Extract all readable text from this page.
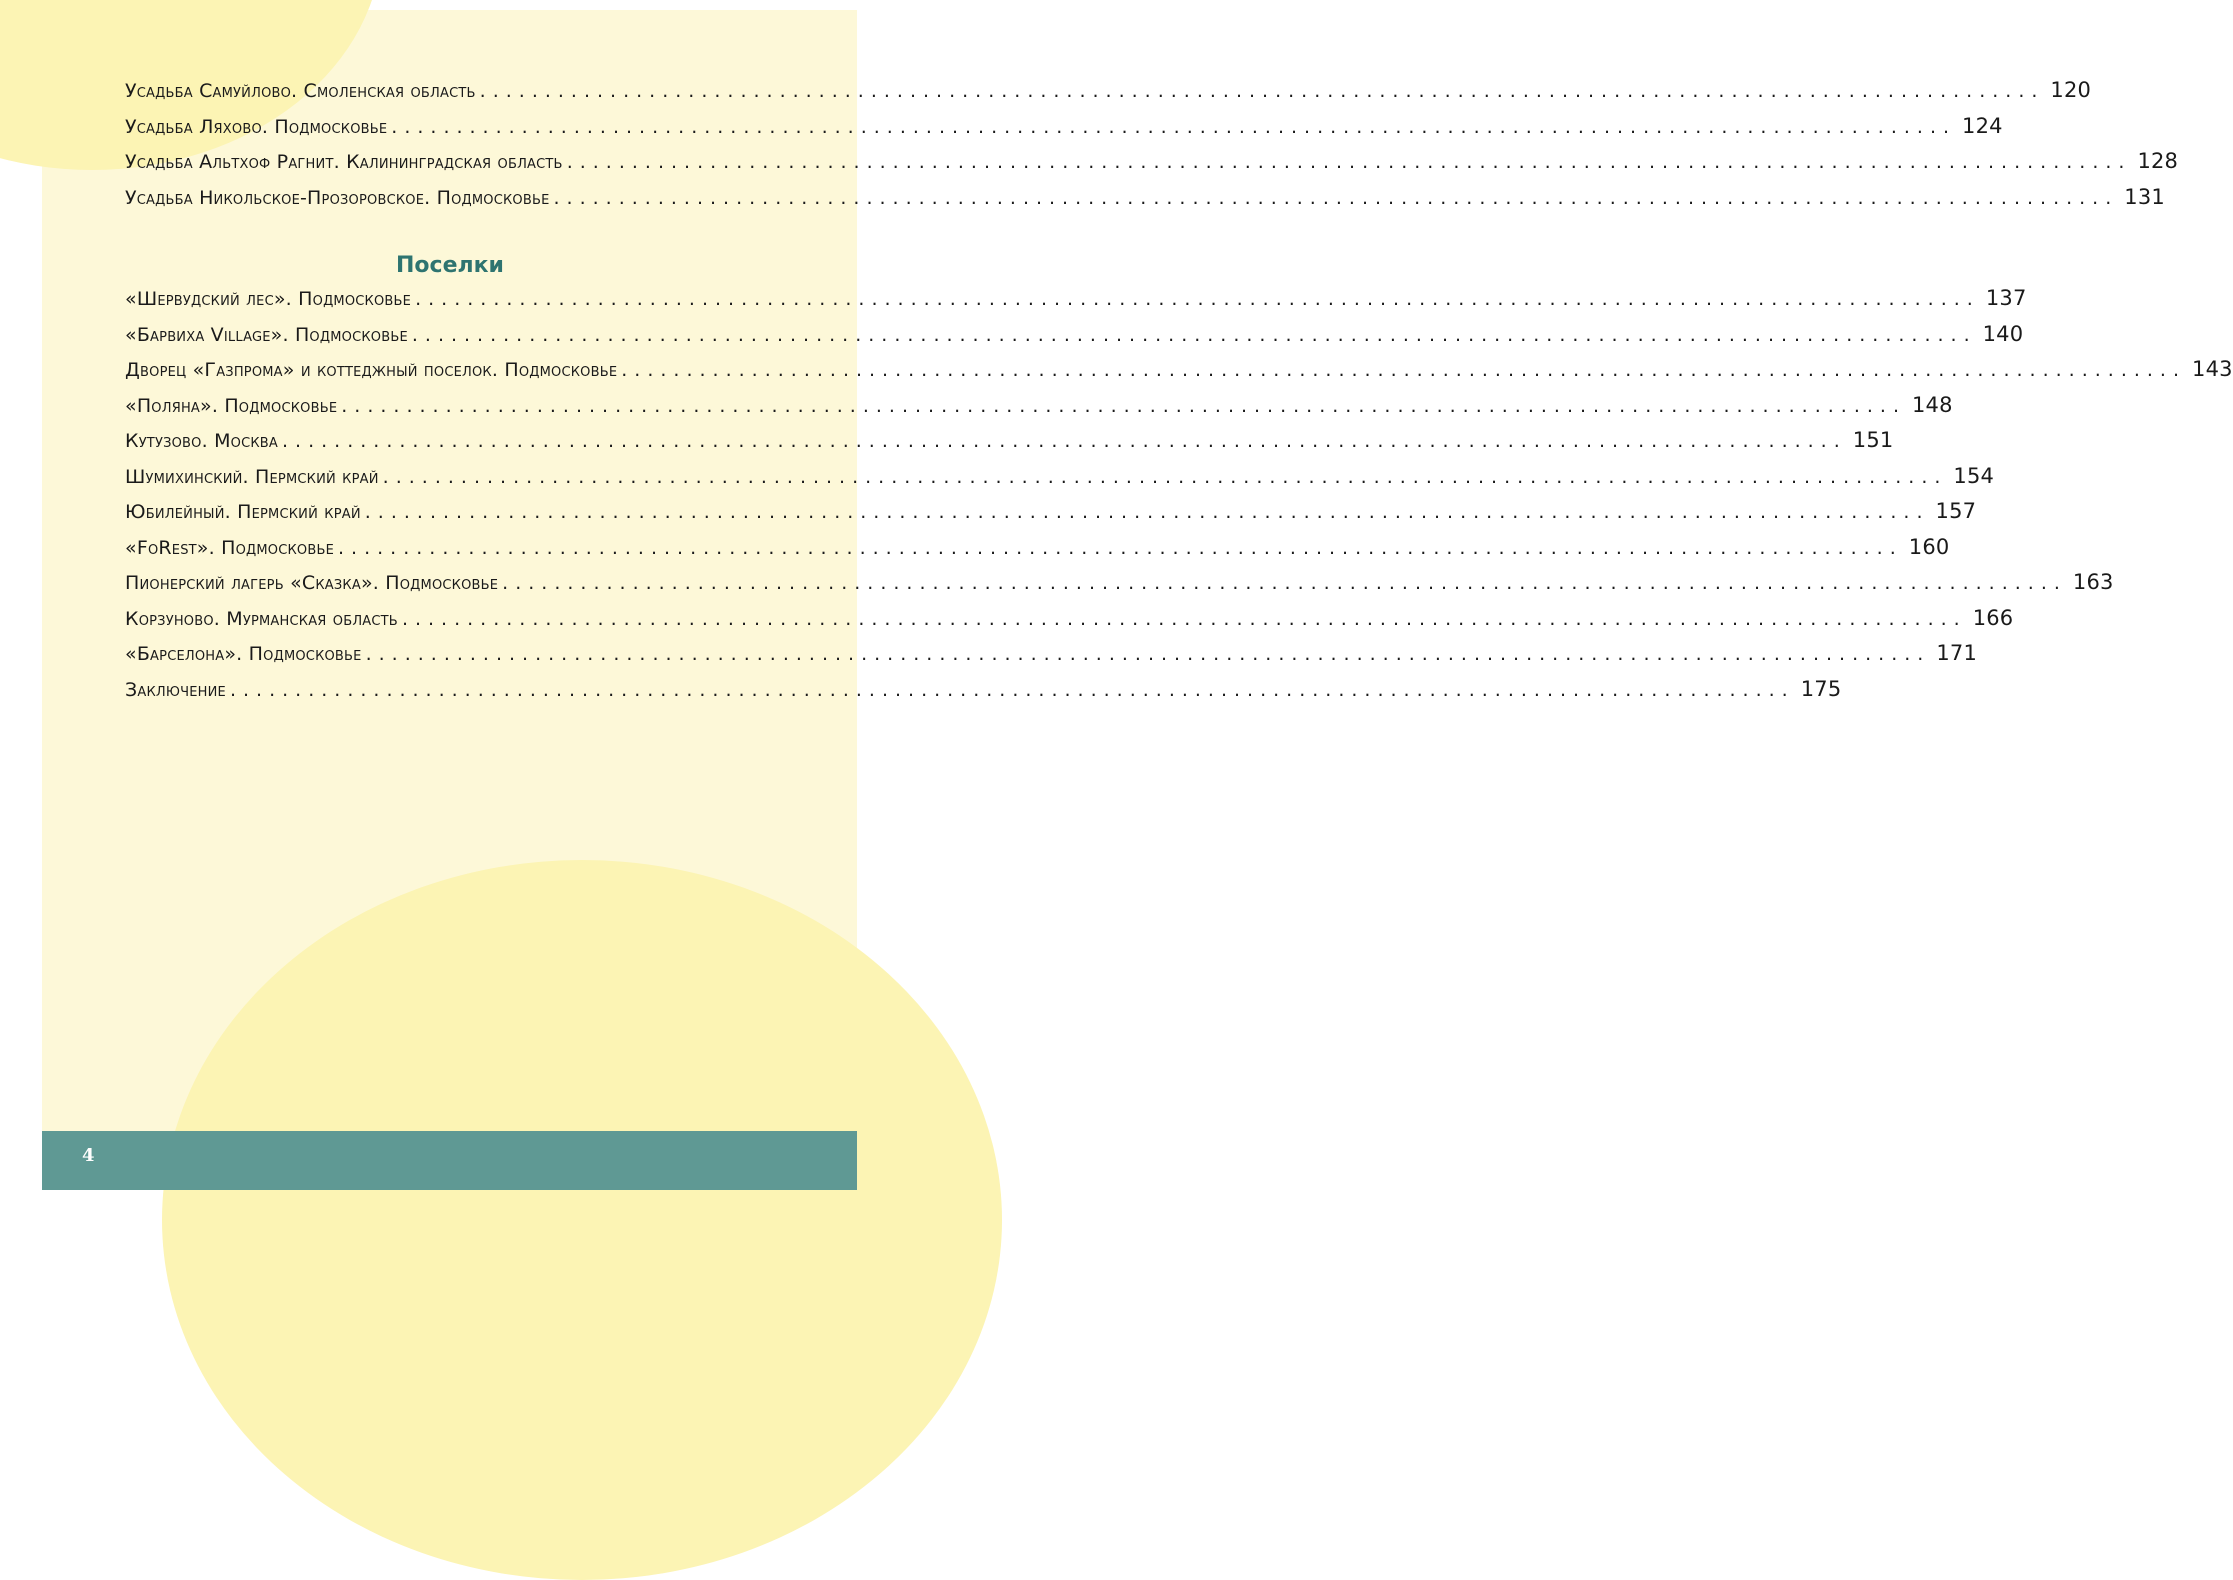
Усадьба Самуйлово. Смоленская область ........................................................................................................................ 120
Усадьба Ляхово. Подмосковье ........................................................................................................................ 124
Усадьба Альтхоф Рагнит. Калининградская область ........................................................................................................................ 128
Усадьба Никольское-Прозоровское. Подмосковье ........................................................................................................................ 131
Поселки
«Шервудский лес». Подмосковье ........................................................................................................................ 137
«Барвиха Village». Подмосковье ........................................................................................................................ 140
Дворец «Газпрома» и коттеджный поселок. Подмосковье ........................................................................................................................ 143
«Поляна». Подмосковье ........................................................................................................................ 148
Кутузово. Москва ........................................................................................................................ 151
Шумихинский. Пермский край ........................................................................................................................ 154
Юбилейный. Пермский край ........................................................................................................................ 157
«FoRest». Подмосковье ........................................................................................................................ 160
Пионерский лагерь «Сказка». Подмосковье ........................................................................................................................ 163
Корзуново. Мурманская область ........................................................................................................................ 166
«Барселона». Подмосковье ........................................................................................................................ 171
Заключение ........................................................................................................................ 175
4
